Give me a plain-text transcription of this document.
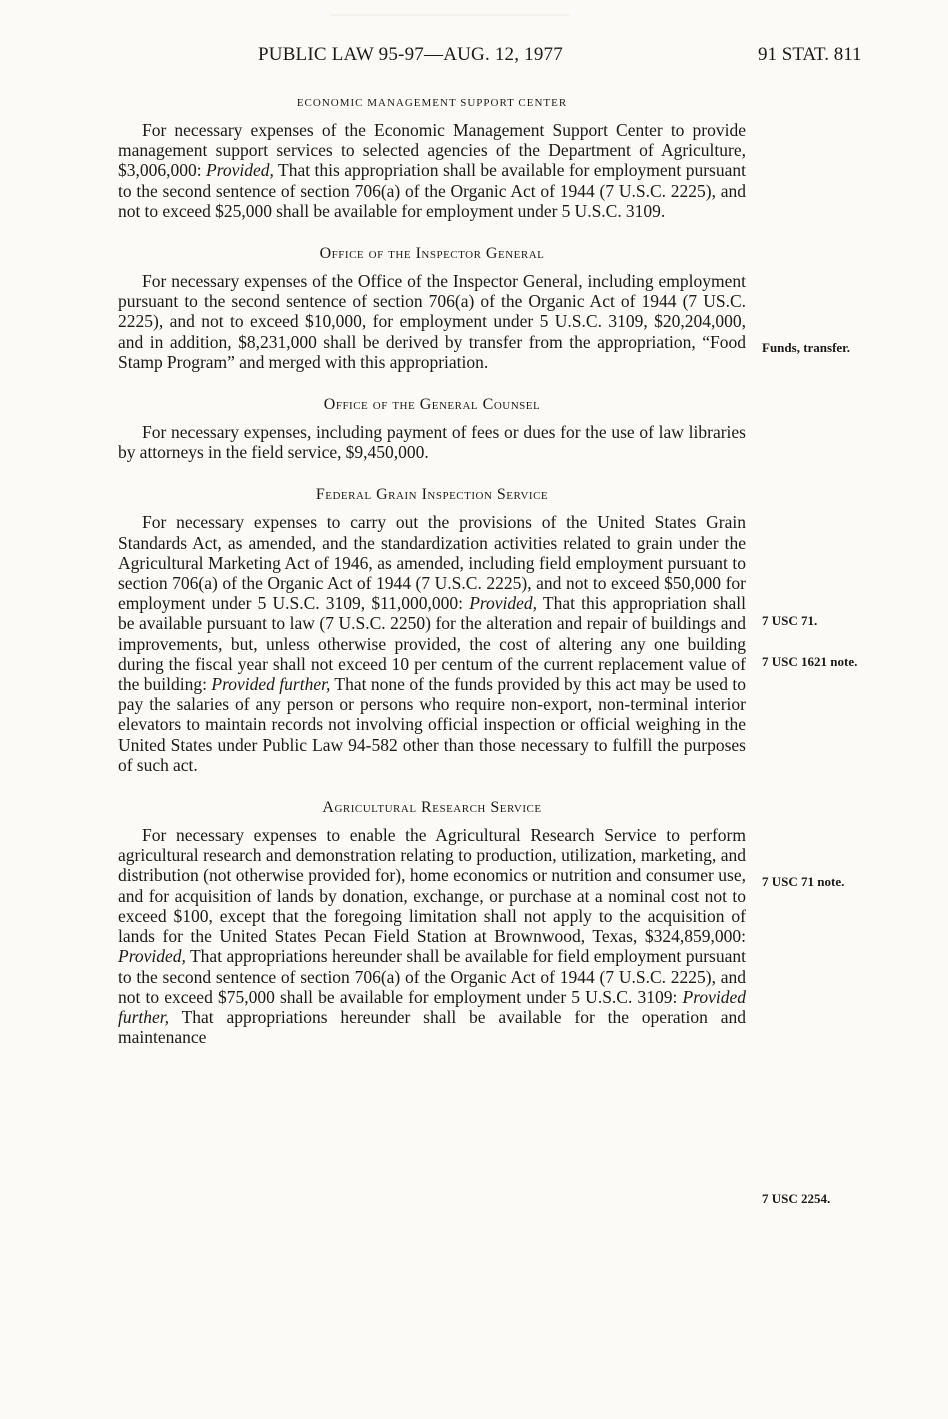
PUBLIC LAW 95-97—AUG. 12, 1977	91 STAT. 811
ECONOMIC MANAGEMENT SUPPORT CENTER

For necessary expenses of the Economic Management Support Center to provide management support services to selected agencies of the Department of Agriculture, $3,006,000: Provided, That this appropriation shall be available for employment pursuant to the second sentence of section 706(a) of the Organic Act of 1944 (7 U.S.C. 2225), and not to exceed $25,000 shall be available for employment under 5 U.S.C. 3109.

Office of the Inspector General

For necessary expenses of the Office of the Inspector General, including employment pursuant to the second sentence of section 706(a) of the Organic Act of 1944 (7 US.C. 2225), and not to exceed $10,000, for employment under 5 U.S.C. 3109, $20,204,000, and in addition, $8,231,000 shall be derived by transfer from the appropriation, “Food Stamp Program” and merged with this appropriation.

Office of the General Counsel

For necessary expenses, including payment of fees or dues for the use of law libraries by attorneys in the field service, $9,450,000.

Federal Grain Inspection Service

For necessary expenses to carry out the provisions of the United States Grain Standards Act, as amended, and the standardization activities related to grain under the Agricultural Marketing Act of 1946, as amended, including field employment pursuant to section 706(a) of the Organic Act of 1944 (7 U.S.C. 2225), and not to exceed $50,000 for employment under 5 U.S.C. 3109, $11,000,000: Provided, That this appropriation shall be available pursuant to law (7 U.S.C. 2250) for the alteration and repair of buildings and improvements, but, unless otherwise provided, the cost of altering any one building during the fiscal year shall not exceed 10 per centum of the current replacement value of the building: Provided further, That none of the funds provided by this act may be used to pay the salaries of any person or persons who require non-export, non-terminal interior elevators to maintain records not involving official inspection or official weighing in the United States under Public Law 94-582 other than those necessary to fulfill the purposes of such act.

Agricultural Research Service

For necessary expenses to enable the Agricultural Research Service to perform agricultural research and demonstration relating to production, utilization, marketing, and distribution (not otherwise provided for), home economics or nutrition and consumer use, and for acquisition of lands by donation, exchange, or purchase at a nominal cost not to exceed $100, except that the foregoing limitation shall not apply to the acquisition of lands for the United States Pecan Field Station at Brownwood, Texas, $324,859,000: Provided, That appropriations hereunder shall be available for field employment pursuant to the second sentence of section 706(a) of the Organic Act of 1944 (7 U.S.C. 2225), and not to exceed $75,000 shall be available for employment under 5 U.S.C. 3109: Provided further, That appropriations hereunder shall be available for the operation and maintenance

Funds, transfer.
7 USC 71.
7 USC 1621 note.
7 USC 71 note.
7 USC 2254.
